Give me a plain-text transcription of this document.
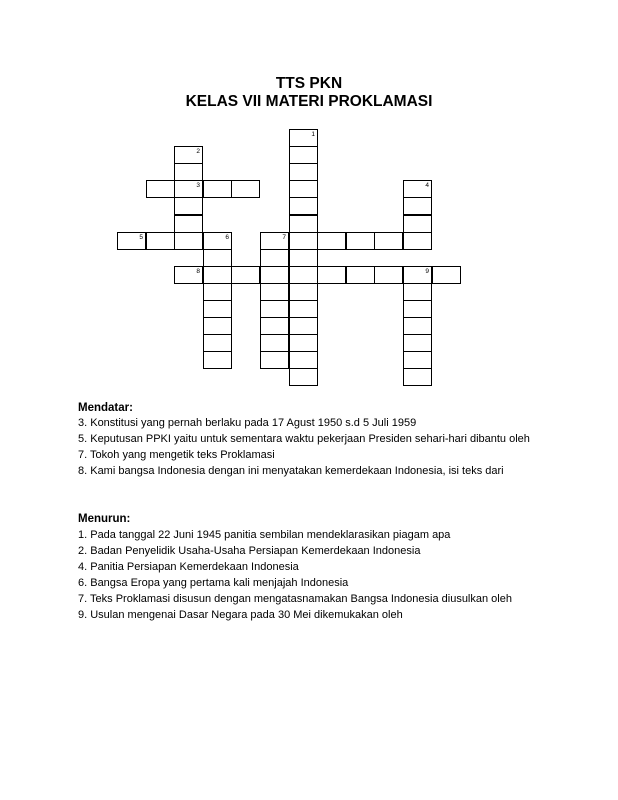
TTS PKN
KELAS VII MATERI PROKLAMASI
1
2
3	4
5	6	7
8	9
Mendatar:
3. Konstitusi yang pernah berlaku pada 17 Agust 1950 s.d 5 Juli 1959
5. Keputusan PPKI yaitu untuk sementara waktu pekerjaan Presiden sehari-hari dibantu oleh
7. Tokoh yang mengetik teks Proklamasi
8. Kami bangsa Indonesia dengan ini menyatakan kemerdekaan Indonesia, isi teks dari
Menurun:
1. Pada tanggal 22 Juni 1945 panitia sembilan mendeklarasikan piagam apa
2. Badan Penyelidik Usaha-Usaha Persiapan Kemerdekaan Indonesia
4. Panitia Persiapan Kemerdekaan Indonesia
6. Bangsa Eropa yang pertama kali menjajah Indonesia
7. Teks Proklamasi disusun dengan mengatasnamakan Bangsa Indonesia diusulkan oleh
9. Usulan mengenai Dasar Negara pada 30 Mei dikemukakan oleh
